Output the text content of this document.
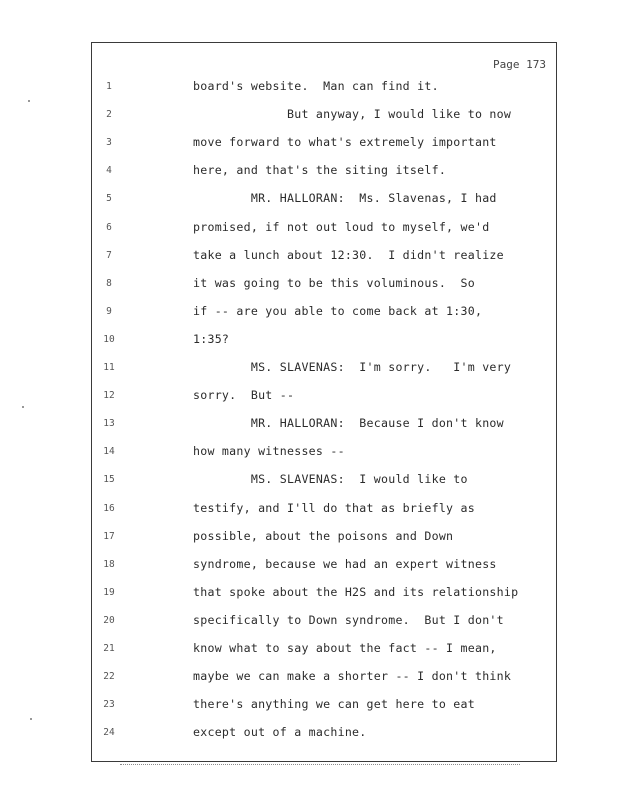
Page 173
1	board's website.  Man can find it.
2	But anyway, I would like to now
3	move forward to what's extremely important
4	here, and that's the siting itself.
5	MR. HALLORAN:  Ms. Slavenas, I had
6	promised, if not out loud to myself, we'd
7	take a lunch about 12:30.  I didn't realize
8	it was going to be this voluminous.  So
9	if -- are you able to come back at 1:30,
10	1:35?
11	MS. SLAVENAS:  I'm sorry.   I'm very
12	sorry.  But --
13	MR. HALLORAN:  Because I don't know
14	how many witnesses --
15	MS. SLAVENAS:  I would like to
16	testify, and I'll do that as briefly as
17	possible, about the poisons and Down
18	syndrome, because we had an expert witness
19	that spoke about the H2S and its relationship
20	specifically to Down syndrome.  But I don't
21	know what to say about the fact -- I mean,
22	maybe we can make a shorter -- I don't think
23	there's anything we can get here to eat
24	except out of a machine.
